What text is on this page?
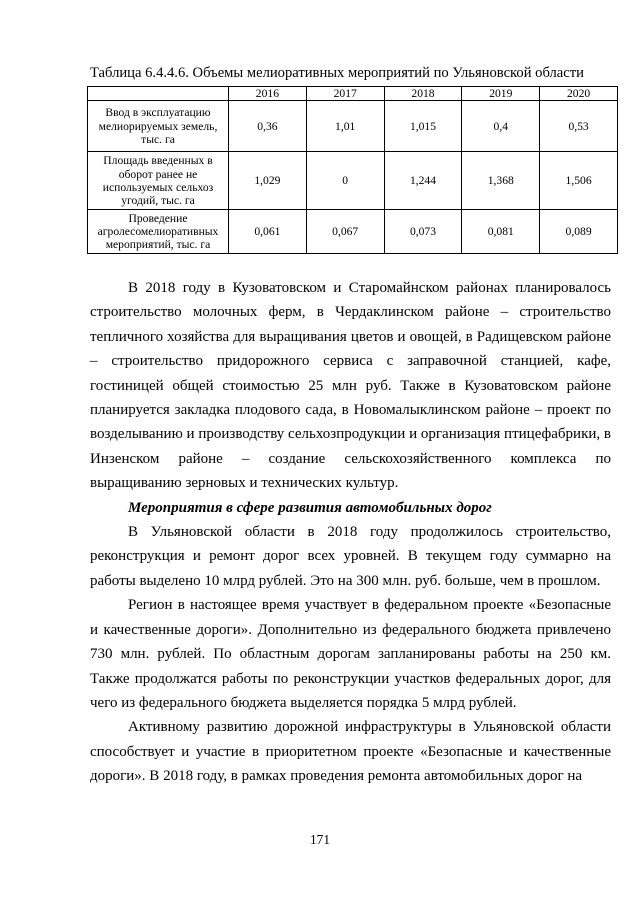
Таблица 6.4.4.6. Объемы мелиоративных мероприятий по Ульяновской области
	2016	2017	2018	2019	2020
Ввод в эксплуатацию мелиорируемых земель, тыс. га	0,36	1,01	1,015	0,4	0,53
Площадь введенных в оборот ранее не используемых сельхоз угодий, тыс. га	1,029	0	1,244	1,368	1,506
Проведение агролесомелиоративных мероприятий, тыс. га	0,061	0,067	0,073	0,081	0,089

В 2018 году в Кузоватовском и Старомайнском районах планировалось строительство молочных ферм, в Чердаклинском районе – строительство тепличного хозяйства для выращивания цветов и овощей, в Радищевском районе – строительство придорожного сервиса с заправочной станцией, кафе, гостиницей общей стоимостью 25 млн руб. Также в Кузоватовском районе планируется закладка плодового сада, в Новомалыклинском районе – проект по возделыванию и производству сельхозпродукции и организация птицефабрики, в Инзенском районе – создание сельскохозяйственного комплекса по выращиванию зерновых и технических культур.

Мероприятия в сфере развития автомобильных дорог

В Ульяновской области в 2018 году продолжилось строительство, реконструкция и ремонт дорог всех уровней. В текущем году суммарно на работы выделено 10 млрд рублей. Это на 300 млн. руб. больше, чем в прошлом.

Регион в настоящее время участвует в федеральном проекте «Безопасные и качественные дороги». Дополнительно из федерального бюджета привлечено 730 млн. рублей. По областным дорогам запланированы работы на 250 км. Также продолжатся работы по реконструкции участков федеральных дорог, для чего из федерального бюджета выделяется порядка 5 млрд рублей.

Активному развитию дорожной инфраструктуры в Ульяновской области способствует и участие в приоритетном проекте «Безопасные и качественные дороги». В 2018 году, в рамках проведения ремонта автомобильных дорог на

171
